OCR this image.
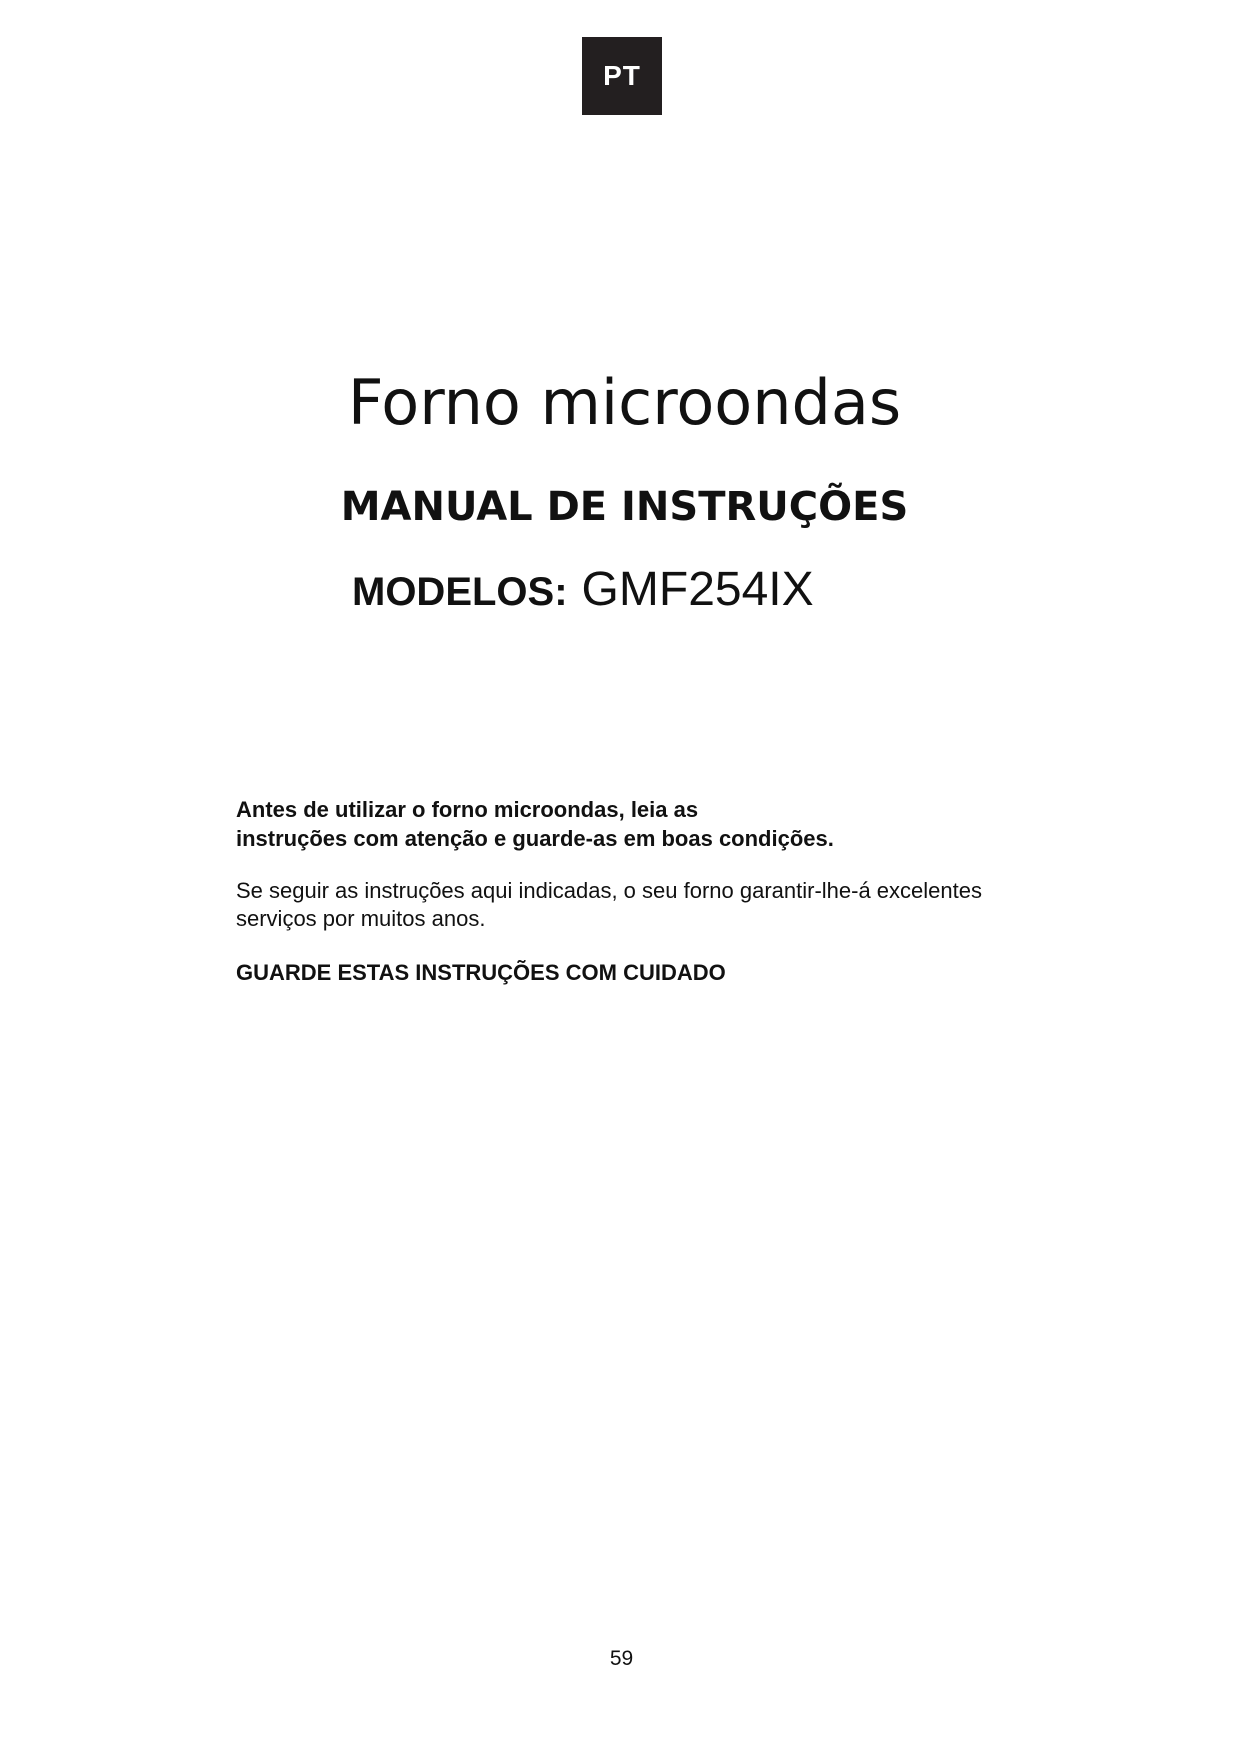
PT
Forno microondas
MANUAL DE INSTRUÇÕES
MODELOS: GMF254IX
Antes de utilizar o forno microondas, leia as
instruções com atenção e guarde-as em boas condições.
Se seguir as instruções aqui indicadas, o seu forno garantir-lhe-á excelentes
serviços por muitos anos.
GUARDE ESTAS INSTRUÇÕES COM CUIDADO
59
